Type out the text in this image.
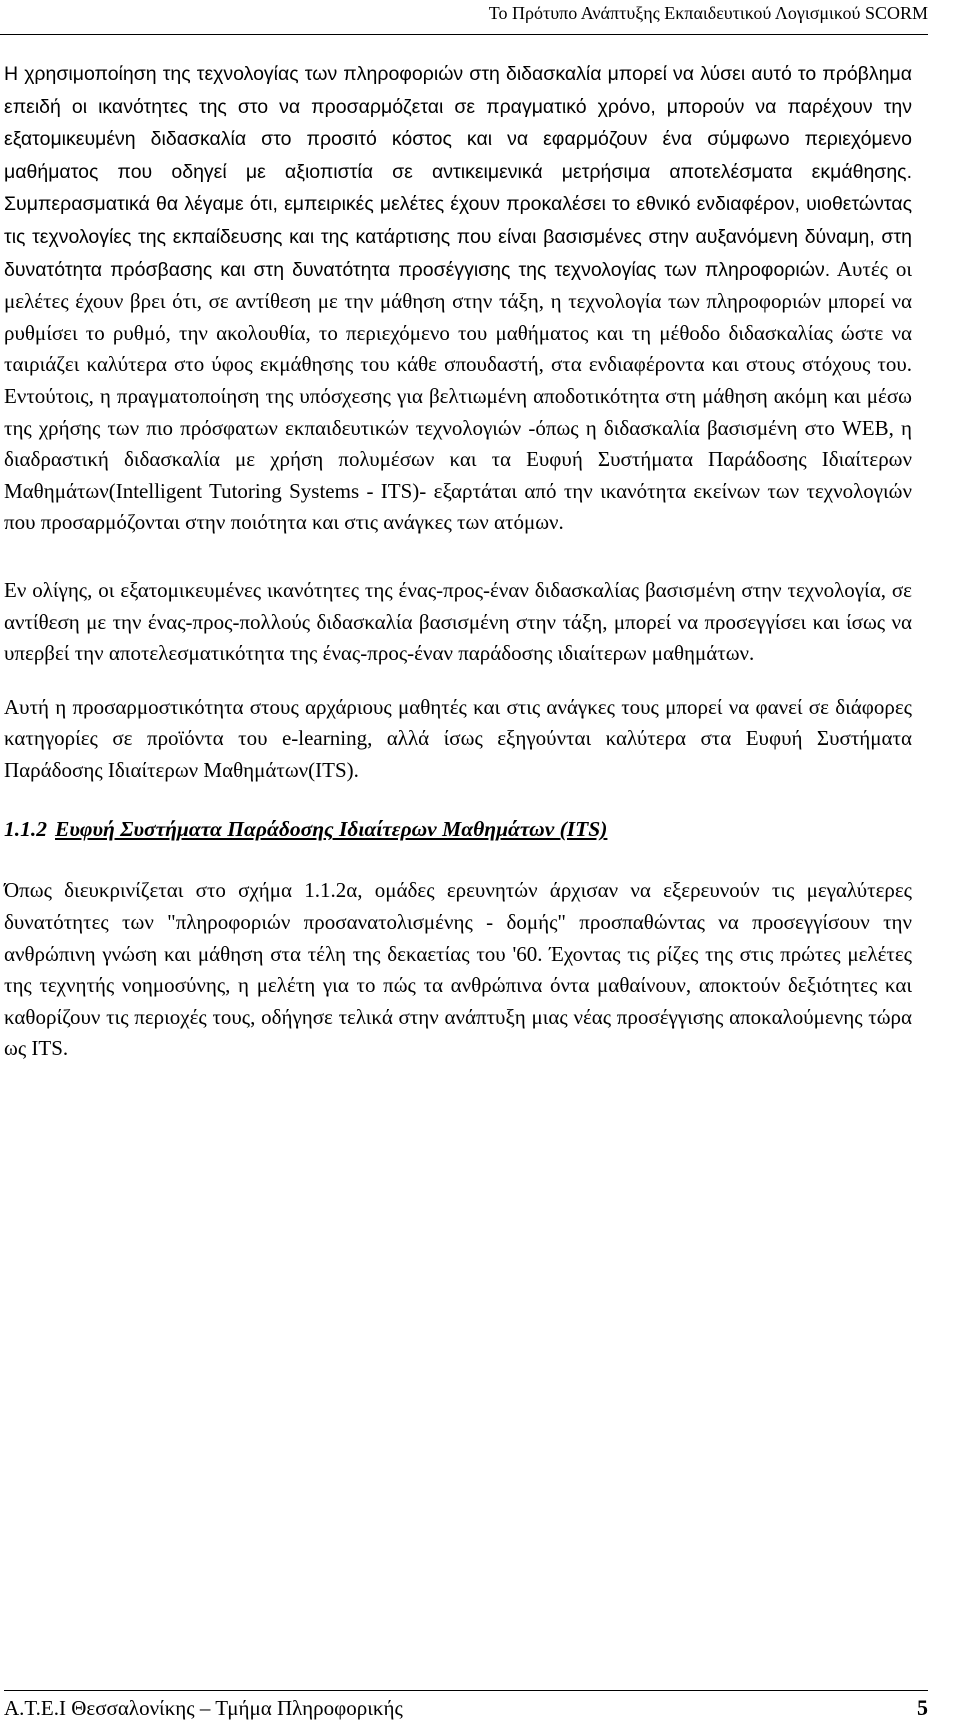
Το Πρότυπο Ανάπτυξης Εκπαιδευτικού Λογισμικού SCORM

Η χρησιμοποίηση της τεχνολογίας των πληροφοριών στη διδασκαλία μπορεί να λύσει αυτό το πρόβλημα επειδή οι ικανότητες της στο να προσαρμόζεται σε πραγματικό χρόνο, μπορούν να παρέχουν την εξατομικευμένη διδασκαλία στο προσιτό κόστος και να εφαρμόζουν ένα σύμφωνο περιεχόμενο μαθήματος που οδηγεί με αξιοπιστία σε αντικειμενικά μετρήσιμα αποτελέσματα εκμάθησης. Συμπερασματικά θα λέγαμε ότι, εμπειρικές μελέτες έχουν προκαλέσει το εθνικό ενδιαφέρον, υιοθετώντας τις τεχνολογίες της εκπαίδευσης και της κατάρτισης που είναι βασισμένες στην αυξανόμενη δύναμη, στη δυνατότητα πρόσβασης και στη δυνατότητα προσέγγισης της τεχνολογίας των πληροφοριών. Αυτές οι μελέτες έχουν βρει ότι, σε αντίθεση με την μάθηση στην τάξη, η τεχνολογία των πληροφοριών μπορεί να ρυθμίσει το ρυθμό, την ακολουθία, το περιεχόμενο του μαθήματος και τη μέθοδο διδασκαλίας ώστε να ταιριάζει καλύτερα στο ύφος εκμάθησης του κάθε σπουδαστή, στα ενδιαφέροντα και στους στόχους του. Εντούτοις, η πραγματοποίηση της υπόσχεσης για βελτιωμένη αποδοτικότητα στη μάθηση ακόμη και μέσω της χρήσης των πιο πρόσφατων εκπαιδευτικών τεχνολογιών -όπως η διδασκαλία βασισμένη στο WEB, η διαδραστική διδασκαλία με χρήση πολυμέσων και τα Ευφυή Συστήματα Παράδοσης Ιδιαίτερων Μαθημάτων(Intelligent Tutoring Systems - ITS)- εξαρτάται από την ικανότητα εκείνων των τεχνολογιών που προσαρμόζονται στην ποιότητα και στις ανάγκες των ατόμων.

Εν ολίγης, οι εξατομικευμένες ικανότητες της ένας-προς-έναν διδασκαλίας βασισμένη στην τεχνολογία, σε αντίθεση με την ένας-προς-πολλούς διδασκαλία βασισμένη στην τάξη, μπορεί να προσεγγίσει και ίσως να υπερβεί την αποτελεσματικότητα της ένας-προς-έναν παράδοσης ιδιαίτερων μαθημάτων.

Αυτή η προσαρμοστικότητα στους αρχάριους μαθητές και στις ανάγκες τους μπορεί να φανεί σε διάφορες κατηγορίες σε προϊόντα του e-learning, αλλά ίσως εξηγούνται καλύτερα στα Ευφυή Συστήματα Παράδοσης Ιδιαίτερων Μαθημάτων(ITS).

1.1.2 Ευφυή Συστήματα Παράδοσης Ιδιαίτερων Μαθημάτων (ITS)

Όπως διευκρινίζεται στο σχήμα 1.1.2α, ομάδες ερευνητών άρχισαν να εξερευνούν τις μεγαλύτερες δυνατότητες των "πληροφοριών προσανατολισμένης - δομής" προσπαθώντας να προσεγγίσουν την ανθρώπινη γνώση και μάθηση στα τέλη της δεκαετίας του '60. Έχοντας τις ρίζες της στις πρώτες μελέτες της τεχνητής νοημοσύνης, η μελέτη για το πώς τα ανθρώπινα όντα μαθαίνουν, αποκτούν δεξιότητες και καθορίζουν τις περιοχές τους, οδήγησε τελικά στην ανάπτυξη μιας νέας προσέγγισης αποκαλούμενης τώρα ως ITS.

Α.Τ.Ε.Ι Θεσσαλονίκης – Τμήμα Πληροφορικής	5
